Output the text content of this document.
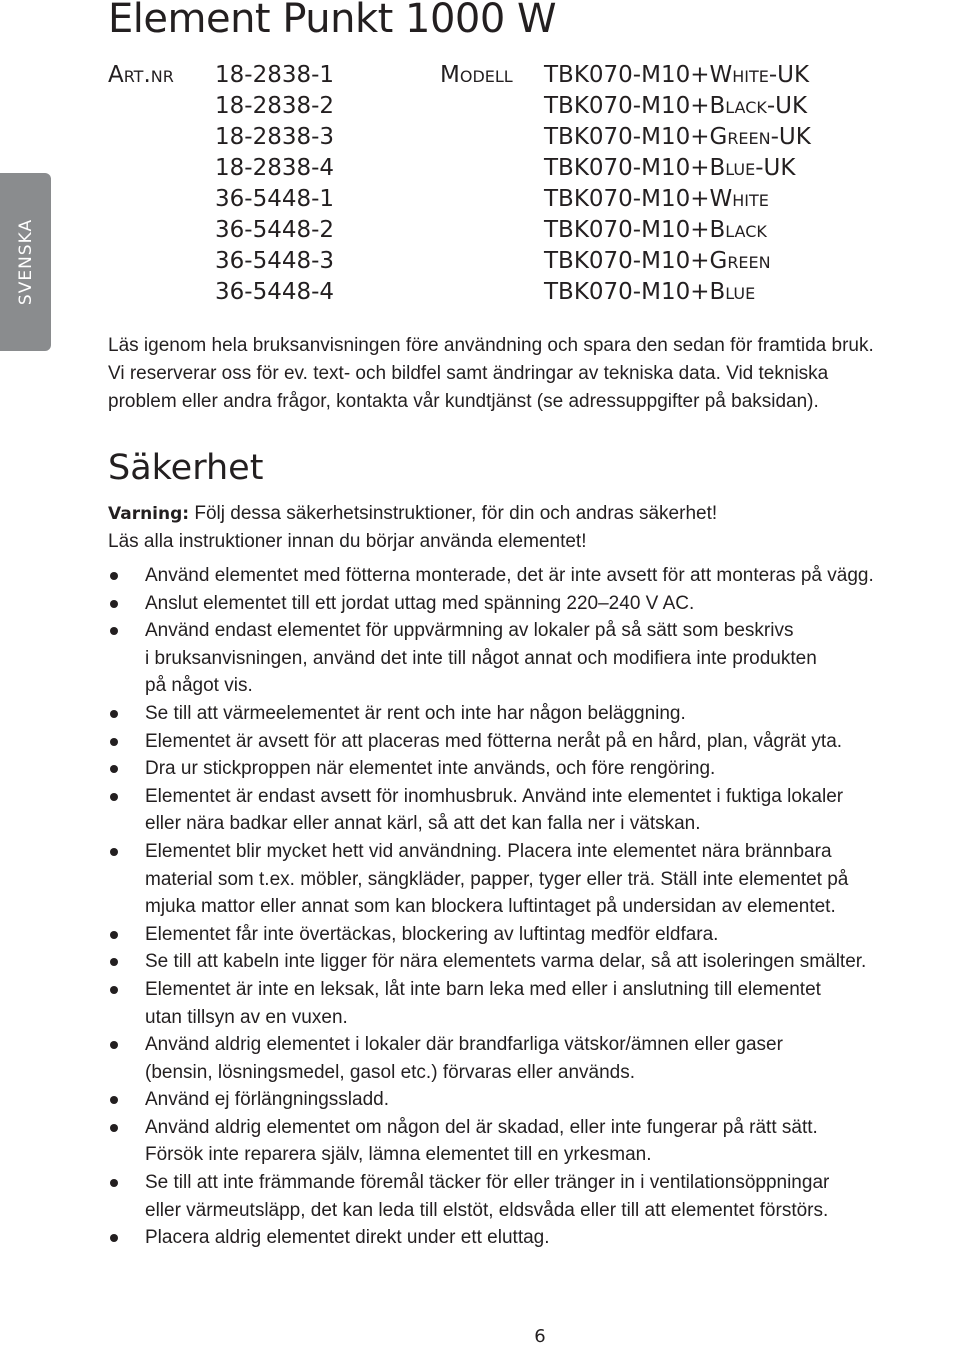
SVENSKA
Element Punkt 1000 W
Art.nr	Modell
18-2838-1	TBK070-M10+White-UK
18-2838-2	TBK070-M10+Black-UK
18-2838-3	TBK070-M10+Green-UK
18-2838-4	TBK070-M10+Blue-UK
36-5448-1	TBK070-M10+White
36-5448-2	TBK070-M10+Black
36-5448-3	TBK070-M10+Green
36-5448-4	TBK070-M10+Blue
Läs igenom hela bruksanvisningen före användning och spara den sedan för framtida bruk.
Vi reserverar oss för ev. text- och bildfel samt ändringar av tekniska data. Vid tekniska
problem eller andra frågor, kontakta vår kundtjänst (se adressuppgifter på baksidan).
Säkerhet
Varning: Följ dessa säkerhetsinstruktioner, för din och andras säkerhet!
Läs alla instruktioner innan du börjar använda elementet!
Använd elementet med fötterna monterade, det är inte avsett för att monteras på vägg.
Anslut elementet till ett jordat uttag med spänning 220–240 V AC.
Använd endast elementet för uppvärmning av lokaler på så sätt som beskrivs
i bruksanvisningen, använd det inte till något annat och modifiera inte produkten
på något vis.
Se till att värmeelementet är rent och inte har någon beläggning.
Elementet är avsett för att placeras med fötterna neråt på en hård, plan, vågrät yta.
Dra ur stickproppen när elementet inte används, och före rengöring.
Elementet är endast avsett för inomhusbruk. Använd inte elementet i fuktiga lokaler
eller nära badkar eller annat kärl, så att det kan falla ner i vätskan.
Elementet blir mycket hett vid användning. Placera inte elementet nära brännbara
material som t.ex. möbler, sängkläder, papper, tyger eller trä. Ställ inte elementet på
mjuka mattor eller annat som kan blockera luftintaget på undersidan av elementet.
Elementet får inte övertäckas, blockering av luftintag medför eldfara.
Se till att kabeln inte ligger för nära elementets varma delar, så att isoleringen smälter.
Elementet är inte en leksak, låt inte barn leka med eller i anslutning till elementet
utan tillsyn av en vuxen.
Använd aldrig elementet i lokaler där brandfarliga vätskor/ämnen eller gaser
(bensin, lösningsmedel, gasol etc.) förvaras eller används.
Använd ej förlängningssladd.
Använd aldrig elementet om någon del är skadad, eller inte fungerar på rätt sätt.
Försök inte reparera själv, lämna elementet till en yrkesman.
Se till att inte främmande föremål täcker för eller tränger in i ventilationsöppningar
eller värmeutsläpp, det kan leda till elstöt, eldsvåda eller till att elementet förstörs.
Placera aldrig elementet direkt under ett eluttag.
6
